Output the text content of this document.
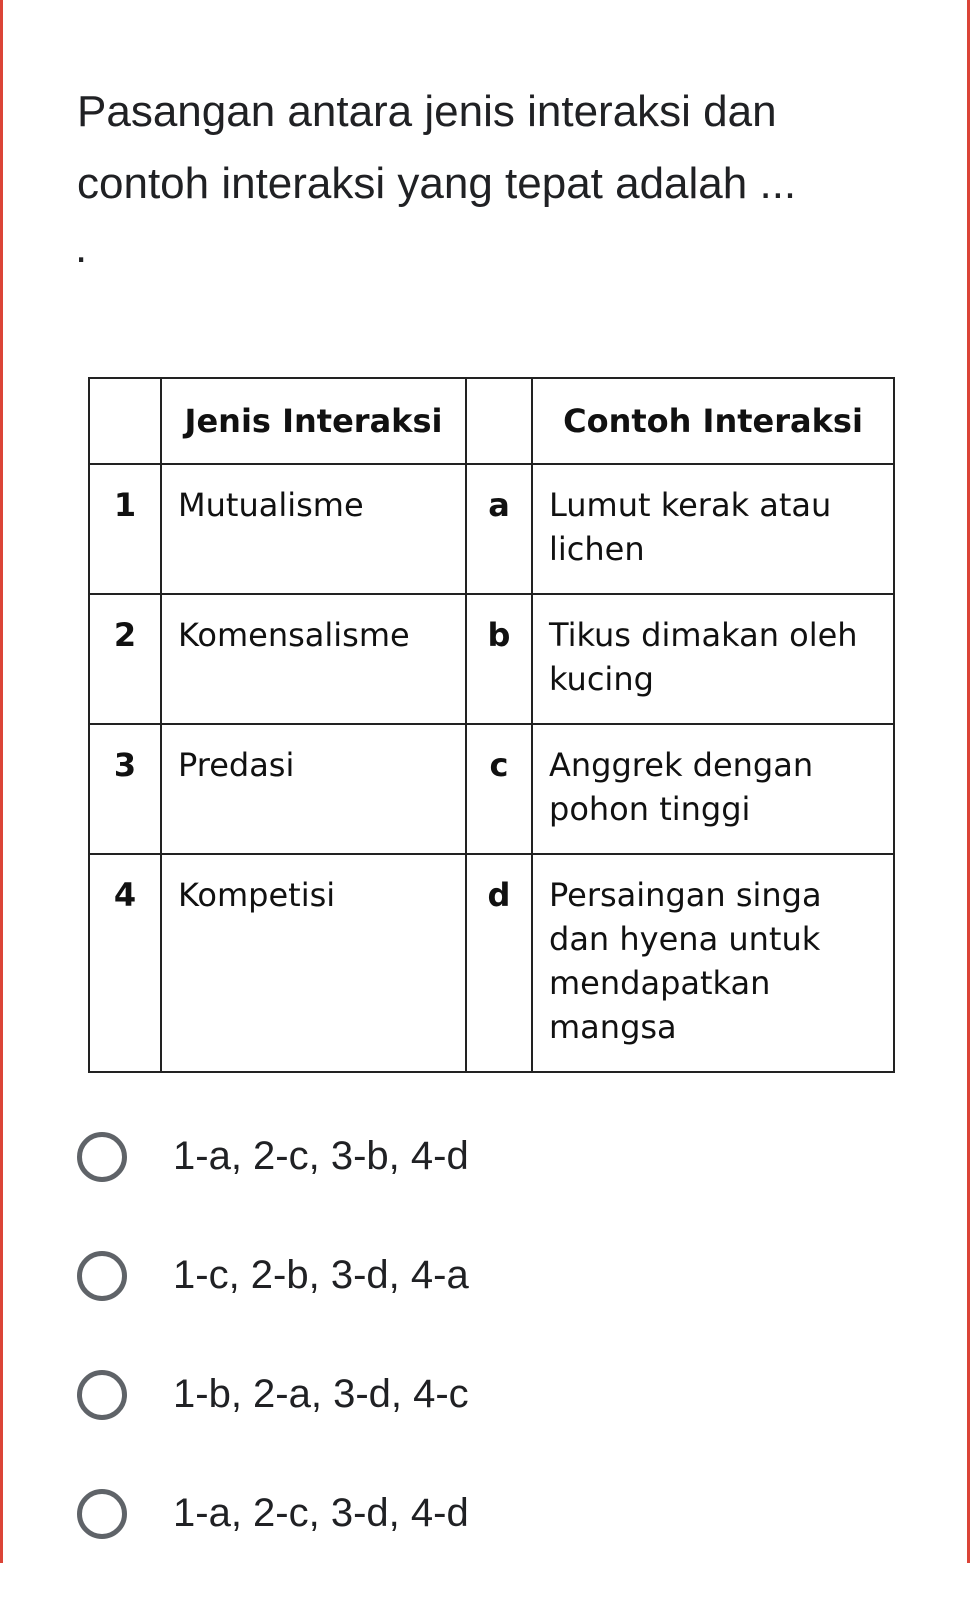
Pasangan antara jenis interaksi dan contoh interaksi yang tepat adalah ...
.
	Jenis Interaksi		Contoh Interaksi
1	Mutualisme	a	Lumut kerak atau lichen
2	Komensalisme	b	Tikus dimakan oleh kucing
3	Predasi	c	Anggrek dengan pohon tinggi
4	Kompetisi	d	Persaingan singa dan hyena untuk mendapatkan mangsa
1-a, 2-c, 3-b, 4-d
1-c, 2-b, 3-d, 4-a
1-b, 2-a, 3-d, 4-c
1-a, 2-c, 3-d, 4-d
